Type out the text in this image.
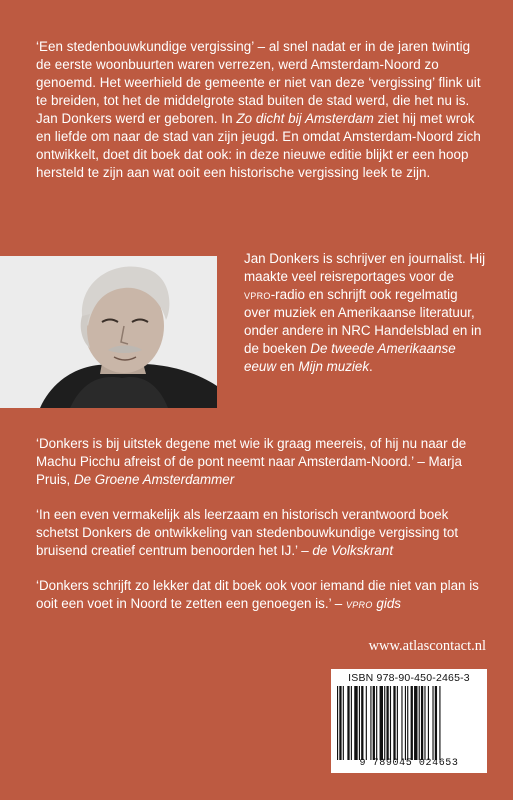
‘Een stedenbouwkundige vergissing’ – al snel nadat er in de jaren twintig de eerste woonbuurten waren verrezen, werd Amsterdam-Noord zo genoemd. Het weerhield de gemeente er niet van deze ‘vergissing’ flink uit te breiden, tot het de middelgrote stad buiten de stad werd, die het nu is.

Jan Donkers werd er geboren. In Zo dicht bij Amsterdam ziet hij met wrok en liefde om naar de stad van zijn jeugd. En omdat Amsterdam-Noord zich ontwikkelt, doet dit boek dat ook: in deze nieuwe editie blijkt er een hoop hersteld te zijn aan wat ooit een historische vergissing leek te zijn.

Jan Donkers is schrijver en journalist. Hij maakte veel reisreportages voor de vpro-radio en schrijft ook regelmatig over muziek en Amerikaanse literatuur, onder andere in NRC Handelsblad en in de boeken De tweede Amerikaanse eeuw en Mijn muziek.

‘Donkers is bij uitstek degene met wie ik graag meereis, of hij nu naar de Machu Picchu afreist of de pont neemt naar Amsterdam-Noord.’ – Marja Pruis, De Groene Amsterdammer

‘In een even vermakelijk als leerzaam en historisch verantwoord boek schetst Donkers de ontwikkeling van stedenbouwkundige vergissing tot bruisend creatief centrum benoorden het IJ.’ – de Volkskrant

‘Donkers schrijft zo lekker dat dit boek ook voor iemand die niet van plan is ooit een voet in Noord te zetten een genoegen is.’ – vpro gids

www.atlascontact.nl
ISBN 978-90-450-2465-3
9 789045 024653
